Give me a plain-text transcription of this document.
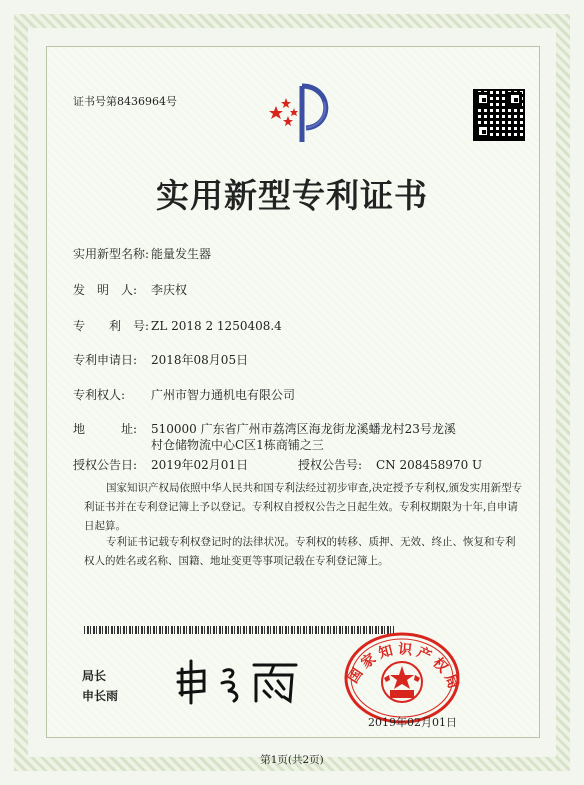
证书号第8436964号
实用新型专利证书
实用新型名称: 能量发生器
发　明　人: 李庆权
专　　利　号: ZL 2018 2 1250408.4
专利申请日: 2018年08月05日
专利权人: 广州市智力通机电有限公司
地　　　址: 510000 广东省广州市荔湾区海龙街龙溪蟠龙村23号龙溪
村仓储物流中心C区1栋商铺之三
授权公告日: 2019年02月01日	授权公告号: CN 208458970 U
国家知识产权局依照中华人民共和国专利法经过初步审查,决定授予专利权,颁发实用新型专利证书并在专利登记簿上予以登记。专利权自授权公告之日起生效。专利权期限为十年,自申请日起算。
专利证书记载专利权登记时的法律状况。专利权的转移、质押、无效、终止、恢复和专利权人的姓名或名称、国籍、地址变更等事项记载在专利登记簿上。
局长
申长雨
国家知识产权局
2019年02月01日
第1页(共2页)
